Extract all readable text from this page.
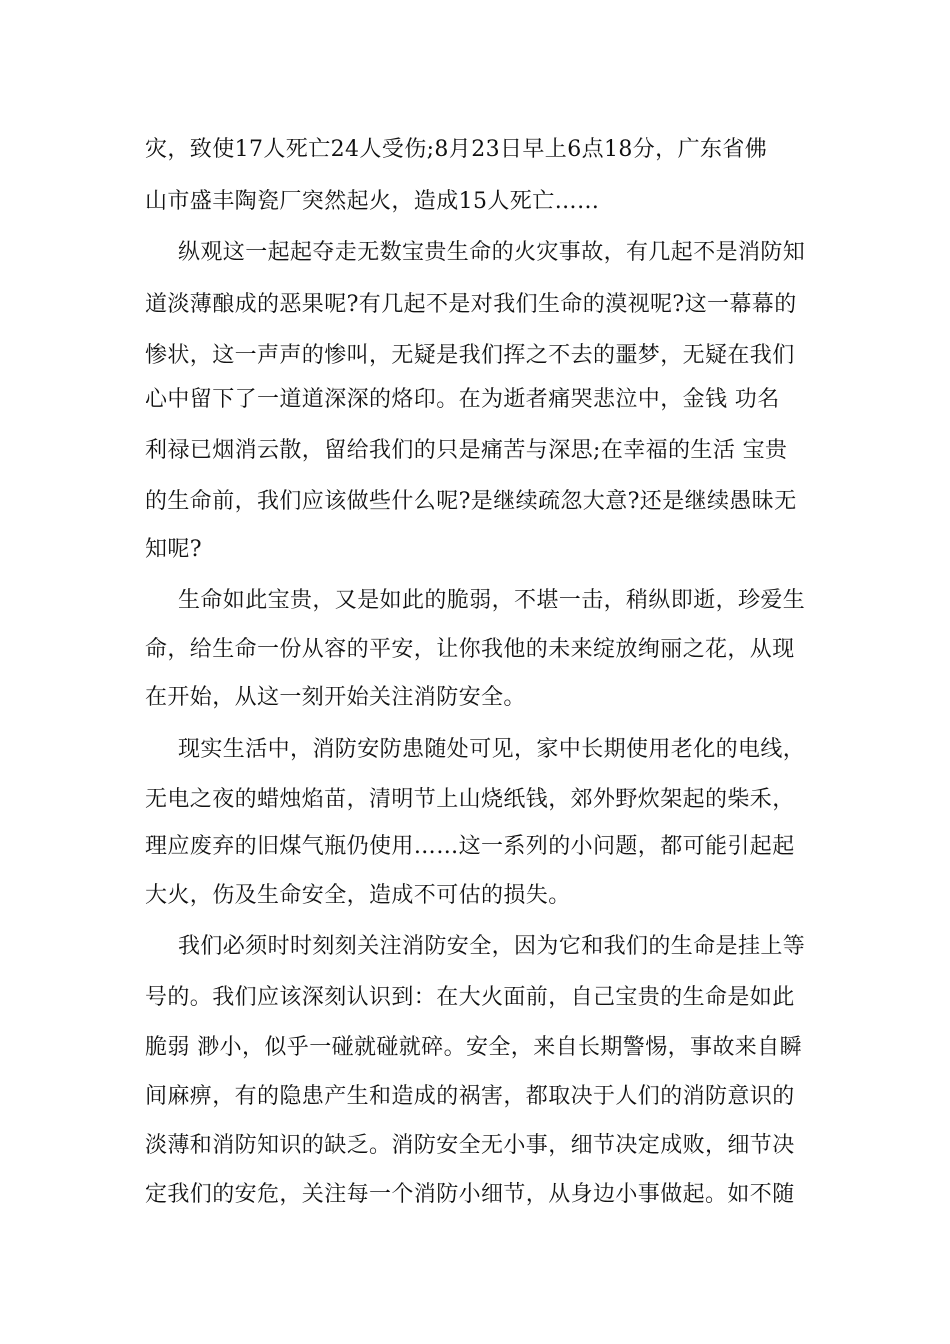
灾，致使17人死亡24人受伤;8月23日早上6点18分，广东省佛
山市盛丰陶瓷厂突然起火，造成15人死亡……
纵观这一起起夺走无数宝贵生命的火灾事故，有几起不是消防知
道淡薄酿成的恶果呢?有几起不是对我们生命的漠视呢?这一幕幕的
惨状，这一声声的惨叫，无疑是我们挥之不去的噩梦，无疑在我们
心中留下了一道道深深的烙印。在为逝者痛哭悲泣中，金钱 功名
利禄已烟消云散，留给我们的只是痛苦与深思;在幸福的生活 宝贵
的生命前，我们应该做些什么呢?是继续疏忽大意?还是继续愚昧无
知呢?
生命如此宝贵，又是如此的脆弱，不堪一击，稍纵即逝，珍爱生
命，给生命一份从容的平安，让你我他的未来绽放绚丽之花，从现
在开始，从这一刻开始关注消防安全。
现实生活中，消防安防患随处可见，家中长期使用老化的电线，
无电之夜的蜡烛焰苗，清明节上山烧纸钱，郊外野炊架起的柴禾，
理应废弃的旧煤气瓶仍使用……这一系列的小问题，都可能引起起
大火，伤及生命安全，造成不可估的损失。
我们必须时时刻刻关注消防安全，因为它和我们的生命是挂上等
号的。我们应该深刻认识到：在大火面前，自己宝贵的生命是如此
脆弱 渺小，似乎一碰就碰就碎。安全，来自长期警惕，事故来自瞬
间麻痹，有的隐患产生和造成的祸害，都取决于人们的消防意识的
淡薄和消防知识的缺乏。消防安全无小事，细节决定成败，细节决
定我们的安危，关注每一个消防小细节，从身边小事做起。如不随
